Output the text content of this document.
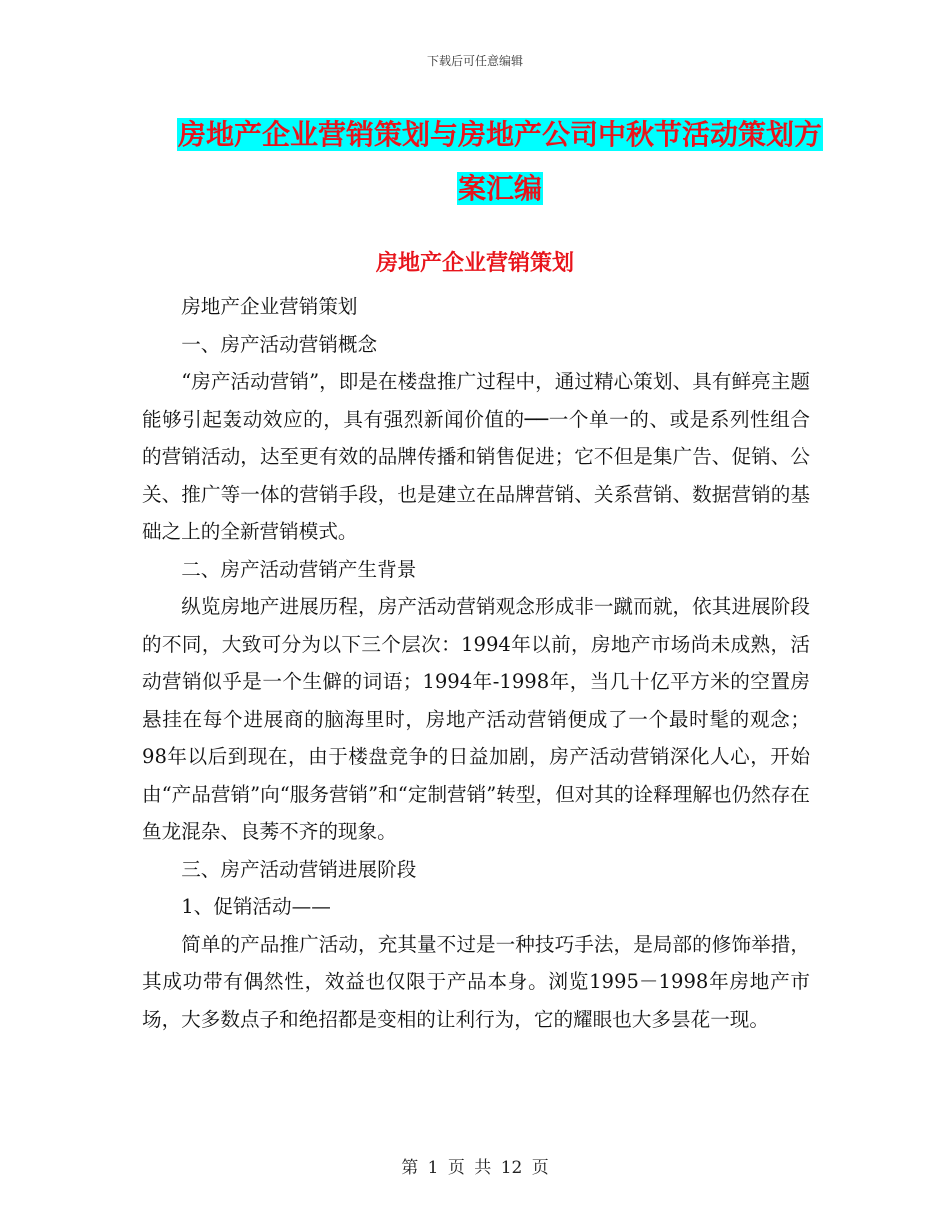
下载后可任意编辑
房地产企业营销策划与房地产公司中秋节活动策划方
案汇编
房地产企业营销策划

房地产企业营销策划

一、房产活动营销概念

“房产活动营销”，即是在楼盘推广过程中，通过精心策划、具有鲜亮主题能够引起轰动效应的，具有强烈新闻价值的──一个单一的、或是系列性组合的营销活动，达至更有效的品牌传播和销售促进；它不但是集广告、促销、公关、推广等一体的营销手段，也是建立在品牌营销、关系营销、数据营销的基础之上的全新营销模式。

二、房产活动营销产生背景

纵览房地产进展历程，房产活动营销观念形成非一蹴而就，依其进展阶段的不同，大致可分为以下三个层次：1994年以前，房地产市场尚未成熟，活动营销似乎是一个生僻的词语；1994年-1998年，当几十亿平方米的空置房悬挂在每个进展商的脑海里时，房地产活动营销便成了一个最时髦的观念；98年以后到现在，由于楼盘竞争的日益加剧，房产活动营销深化人心，开始由“产品营销”向“服务营销”和“定制营销”转型，但对其的诠释理解也仍然存在鱼龙混杂、良莠不齐的现象。

三、房产活动营销进展阶段

1、促销活动——

简单的产品推广活动，充其量不过是一种技巧手法，是局部的修饰举措，其成功带有偶然性，效益也仅限于产品本身。浏览1995－1998年房地产市场，大多数点子和绝招都是变相的让利行为，它的耀眼也大多昙花一现。

第 1 页 共 12 页
